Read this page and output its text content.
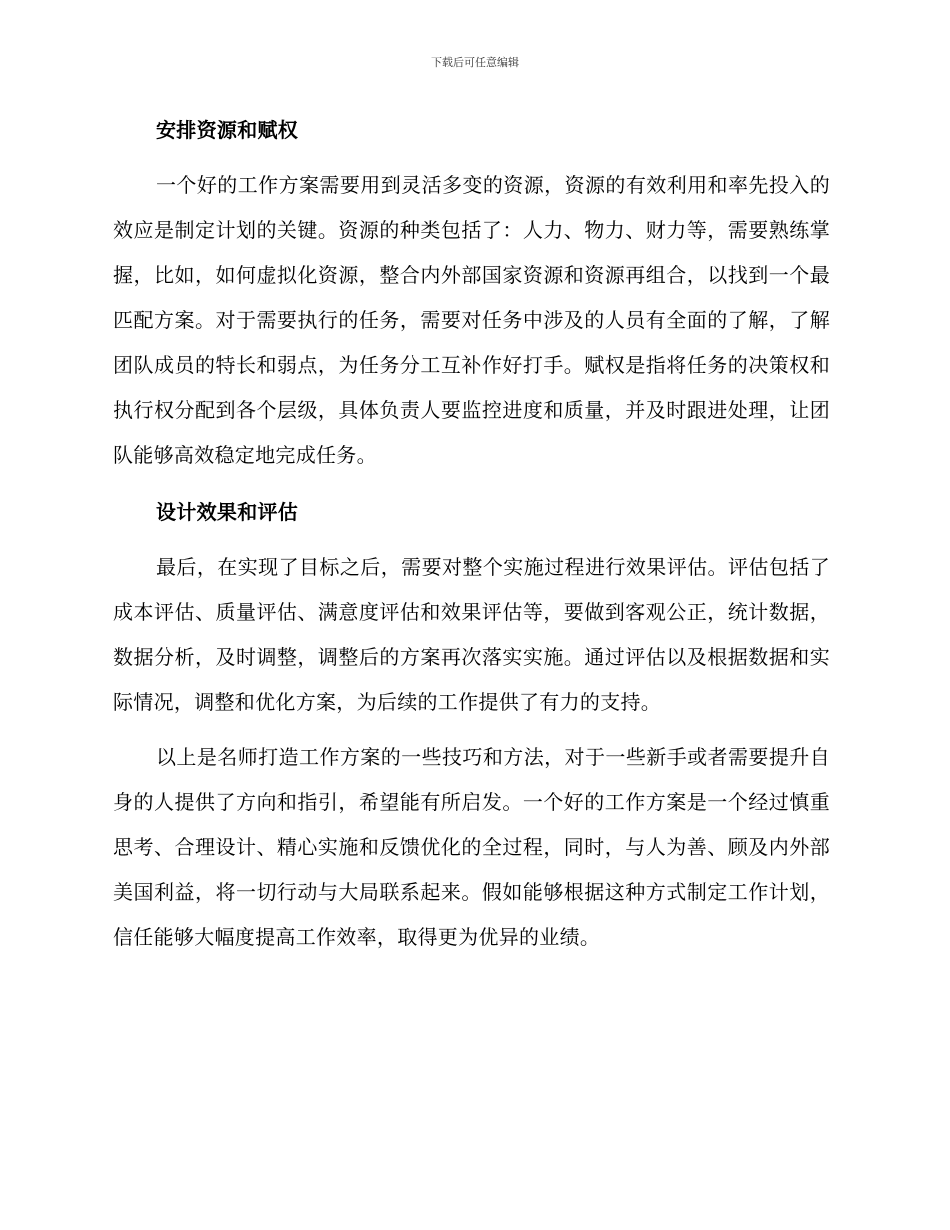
下载后可任意编辑
安排资源和赋权

一个好的工作方案需要用到灵活多变的资源，资源的有效利用和率先投入的效应是制定计划的关键。资源的种类包括了：人力、物力、财力等，需要熟练掌握，比如，如何虚拟化资源，整合内外部国家资源和资源再组合，以找到一个最匹配方案。对于需要执行的任务，需要对任务中涉及的人员有全面的了解，了解团队成员的特长和弱点，为任务分工互补作好打手。赋权是指将任务的决策权和执行权分配到各个层级，具体负责人要监控进度和质量，并及时跟进处理，让团队能够高效稳定地完成任务。

设计效果和评估

最后，在实现了目标之后，需要对整个实施过程进行效果评估。评估包括了成本评估、质量评估、满意度评估和效果评估等，要做到客观公正，统计数据，数据分析，及时调整，调整后的方案再次落实实施。通过评估以及根据数据和实际情况，调整和优化方案，为后续的工作提供了有力的支持。

以上是名师打造工作方案的一些技巧和方法，对于一些新手或者需要提升自身的人提供了方向和指引，希望能有所启发。一个好的工作方案是一个经过慎重思考、合理设计、精心实施和反馈优化的全过程，同时，与人为善、顾及内外部美国利益，将一切行动与大局联系起来。假如能够根据这种方式制定工作计划，信任能够大幅度提高工作效率，取得更为优异的业绩。
